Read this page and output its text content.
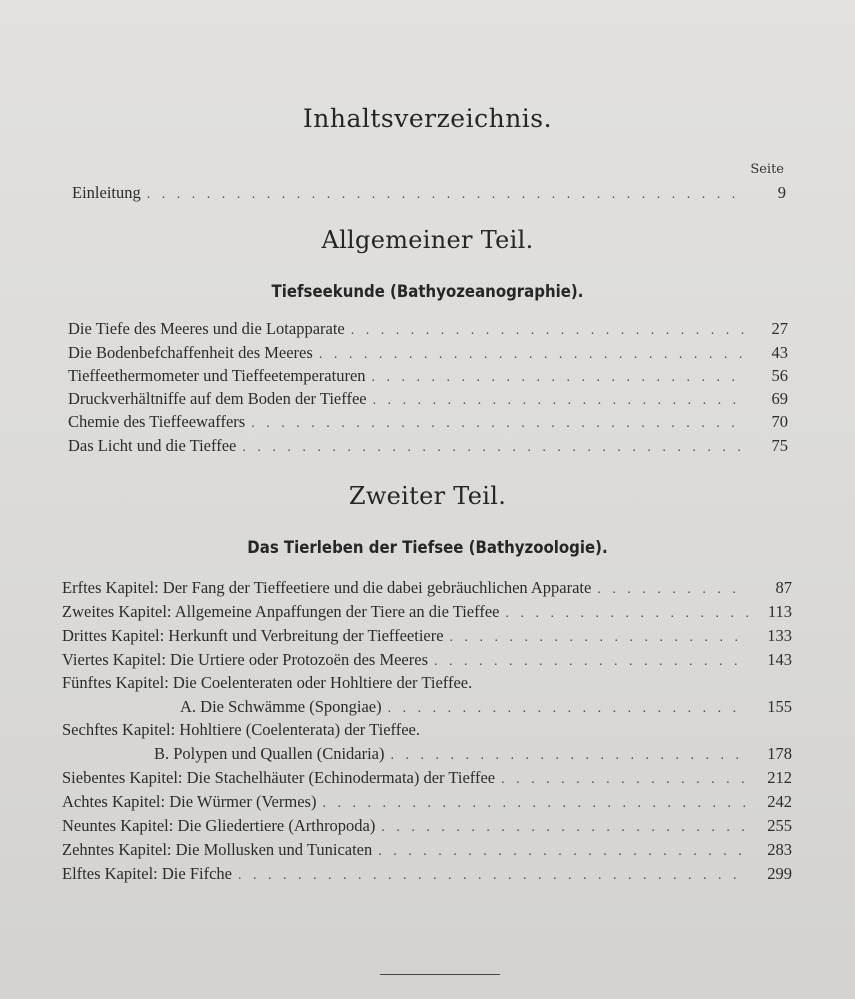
Inhaltsverzeichnis.
Seite
Einleitung . . .	9
Allgemeiner Teil.
Tiefseekunde (Bathyozeanographie).
Die Tiefe des Meeres und die Lotapparate . . .	27
Die Bodenbefchaffenheit des Meeres . . .	43
Tieffeethermometer und Tieffeetemperaturen . . .	56
Druckverhältniffe auf dem Boden der Tieffee . . .	69
Chemie des Tieffeewaffers . . .	70
Das Licht und die Tieffee . . .	75
Zweiter Teil.
Das Tierleben der Tiefsee (Bathyzoologie).
Erftes Kapitel: Der Fang der Tieffeetiere und die dabei gebräuchlichen Apparate . . .	87
Zweites Kapitel: Allgemeine Anpaffungen der Tiere an die Tieffee . . .	113
Drittes Kapitel: Herkunft und Verbreitung der Tieffeetiere . . .	133
Viertes Kapitel: Die Urtiere oder Protozoën des Meeres . . .	143
Fünftes Kapitel: Die Coelenteraten oder Hohltiere der Tieffee.
A. Die Schwämme (Spongiae) . . .	155
Sechftes Kapitel: Hohltiere (Coelenterata) der Tieffee.
B. Polypen und Quallen (Cnidaria) . . .	178
Siebentes Kapitel: Die Stachelhäuter (Echinodermata) der Tieffee . . .	212
Achtes Kapitel: Die Würmer (Vermes) . . .	242
Neuntes Kapitel: Die Gliedertiere (Arthropoda) . . .	255
Zehntes Kapitel: Die Mollusken und Tunicaten . . .	283
Elftes Kapitel: Die Fifche . . .	299
